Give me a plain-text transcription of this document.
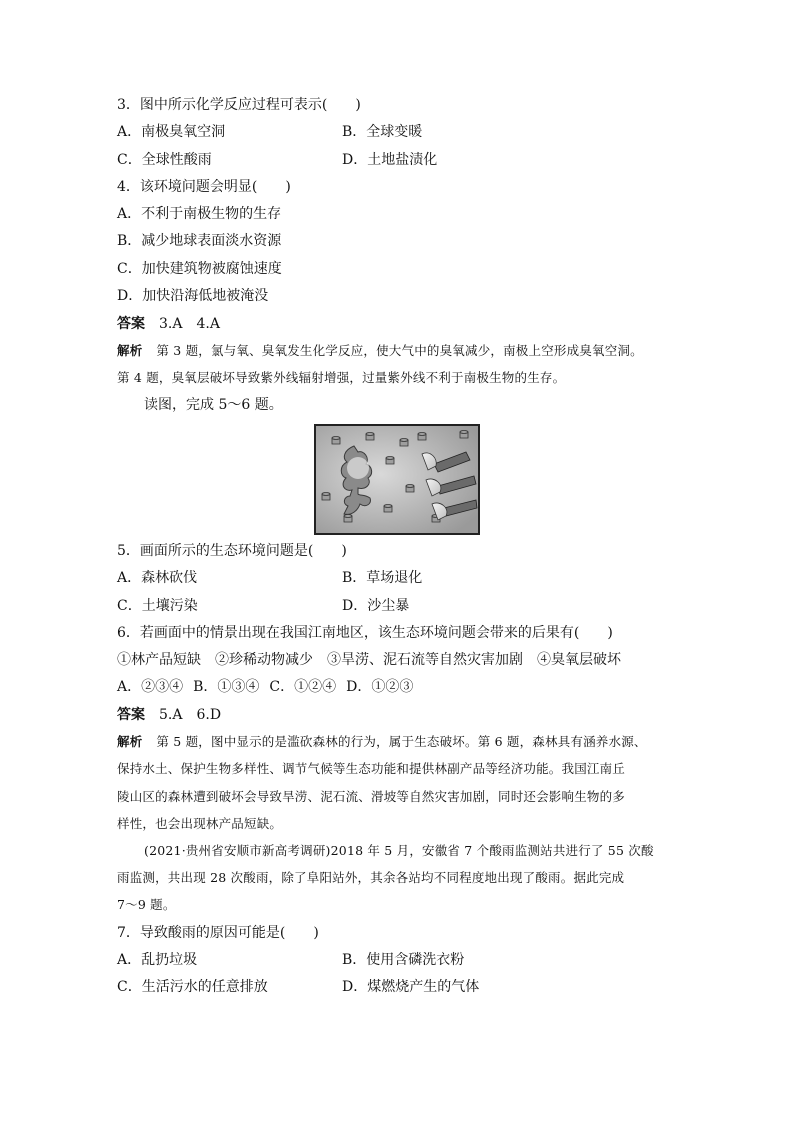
3．图中所示化学反应过程可表示(　　)
A．南极臭氧空洞	B．全球变暖
C．全球性酸雨	D．土地盐渍化
4．该环境问题会明显(　　)
A．不利于南极生物的生存
B．减少地球表面淡水资源
C．加快建筑物被腐蚀速度
D．加快沿海低地被淹没
答案 3.A　4.A
解析 第 3 题，氯与氧、臭氧发生化学反应，使大气中的臭氧减少，南极上空形成臭氧空洞。
第 4 题，臭氧层破坏导致紫外线辐射增强，过量紫外线不利于南极生物的生存。
读图，完成 5～6 题。
5．画面所示的生态环境问题是(　　)
A．森林砍伐	B．草场退化
C．土壤污染	D．沙尘暴
6．若画面中的情景出现在我国江南地区，该生态环境问题会带来的后果有(　　)
①林产品短缺 ②珍稀动物减少 ③旱涝、泥石流等自然灾害加剧 ④臭氧层破坏
A．②③④ B．①③④ C．①②④ D．①②③
答案 5.A　6.D
解析 第 5 题，图中显示的是滥砍森林的行为，属于生态破坏。第 6 题，森林具有涵养水源、
保持水土、保护生物多样性、调节气候等生态功能和提供林副产品等经济功能。我国江南丘
陵山区的森林遭到破坏会导致旱涝、泥石流、滑坡等自然灾害加剧，同时还会影响生物的多
样性，也会出现林产品短缺。
(2021·贵州省安顺市新高考调研)2018 年 5 月，安徽省 7 个酸雨监测站共进行了 55 次酸
雨监测，共出现 28 次酸雨，除了阜阳站外，其余各站均不同程度地出现了酸雨。据此完成
7～9 题。
7．导致酸雨的原因可能是(　　)
A．乱扔垃圾	B．使用含磷洗衣粉
C．生活污水的任意排放	D．煤燃烧产生的气体
